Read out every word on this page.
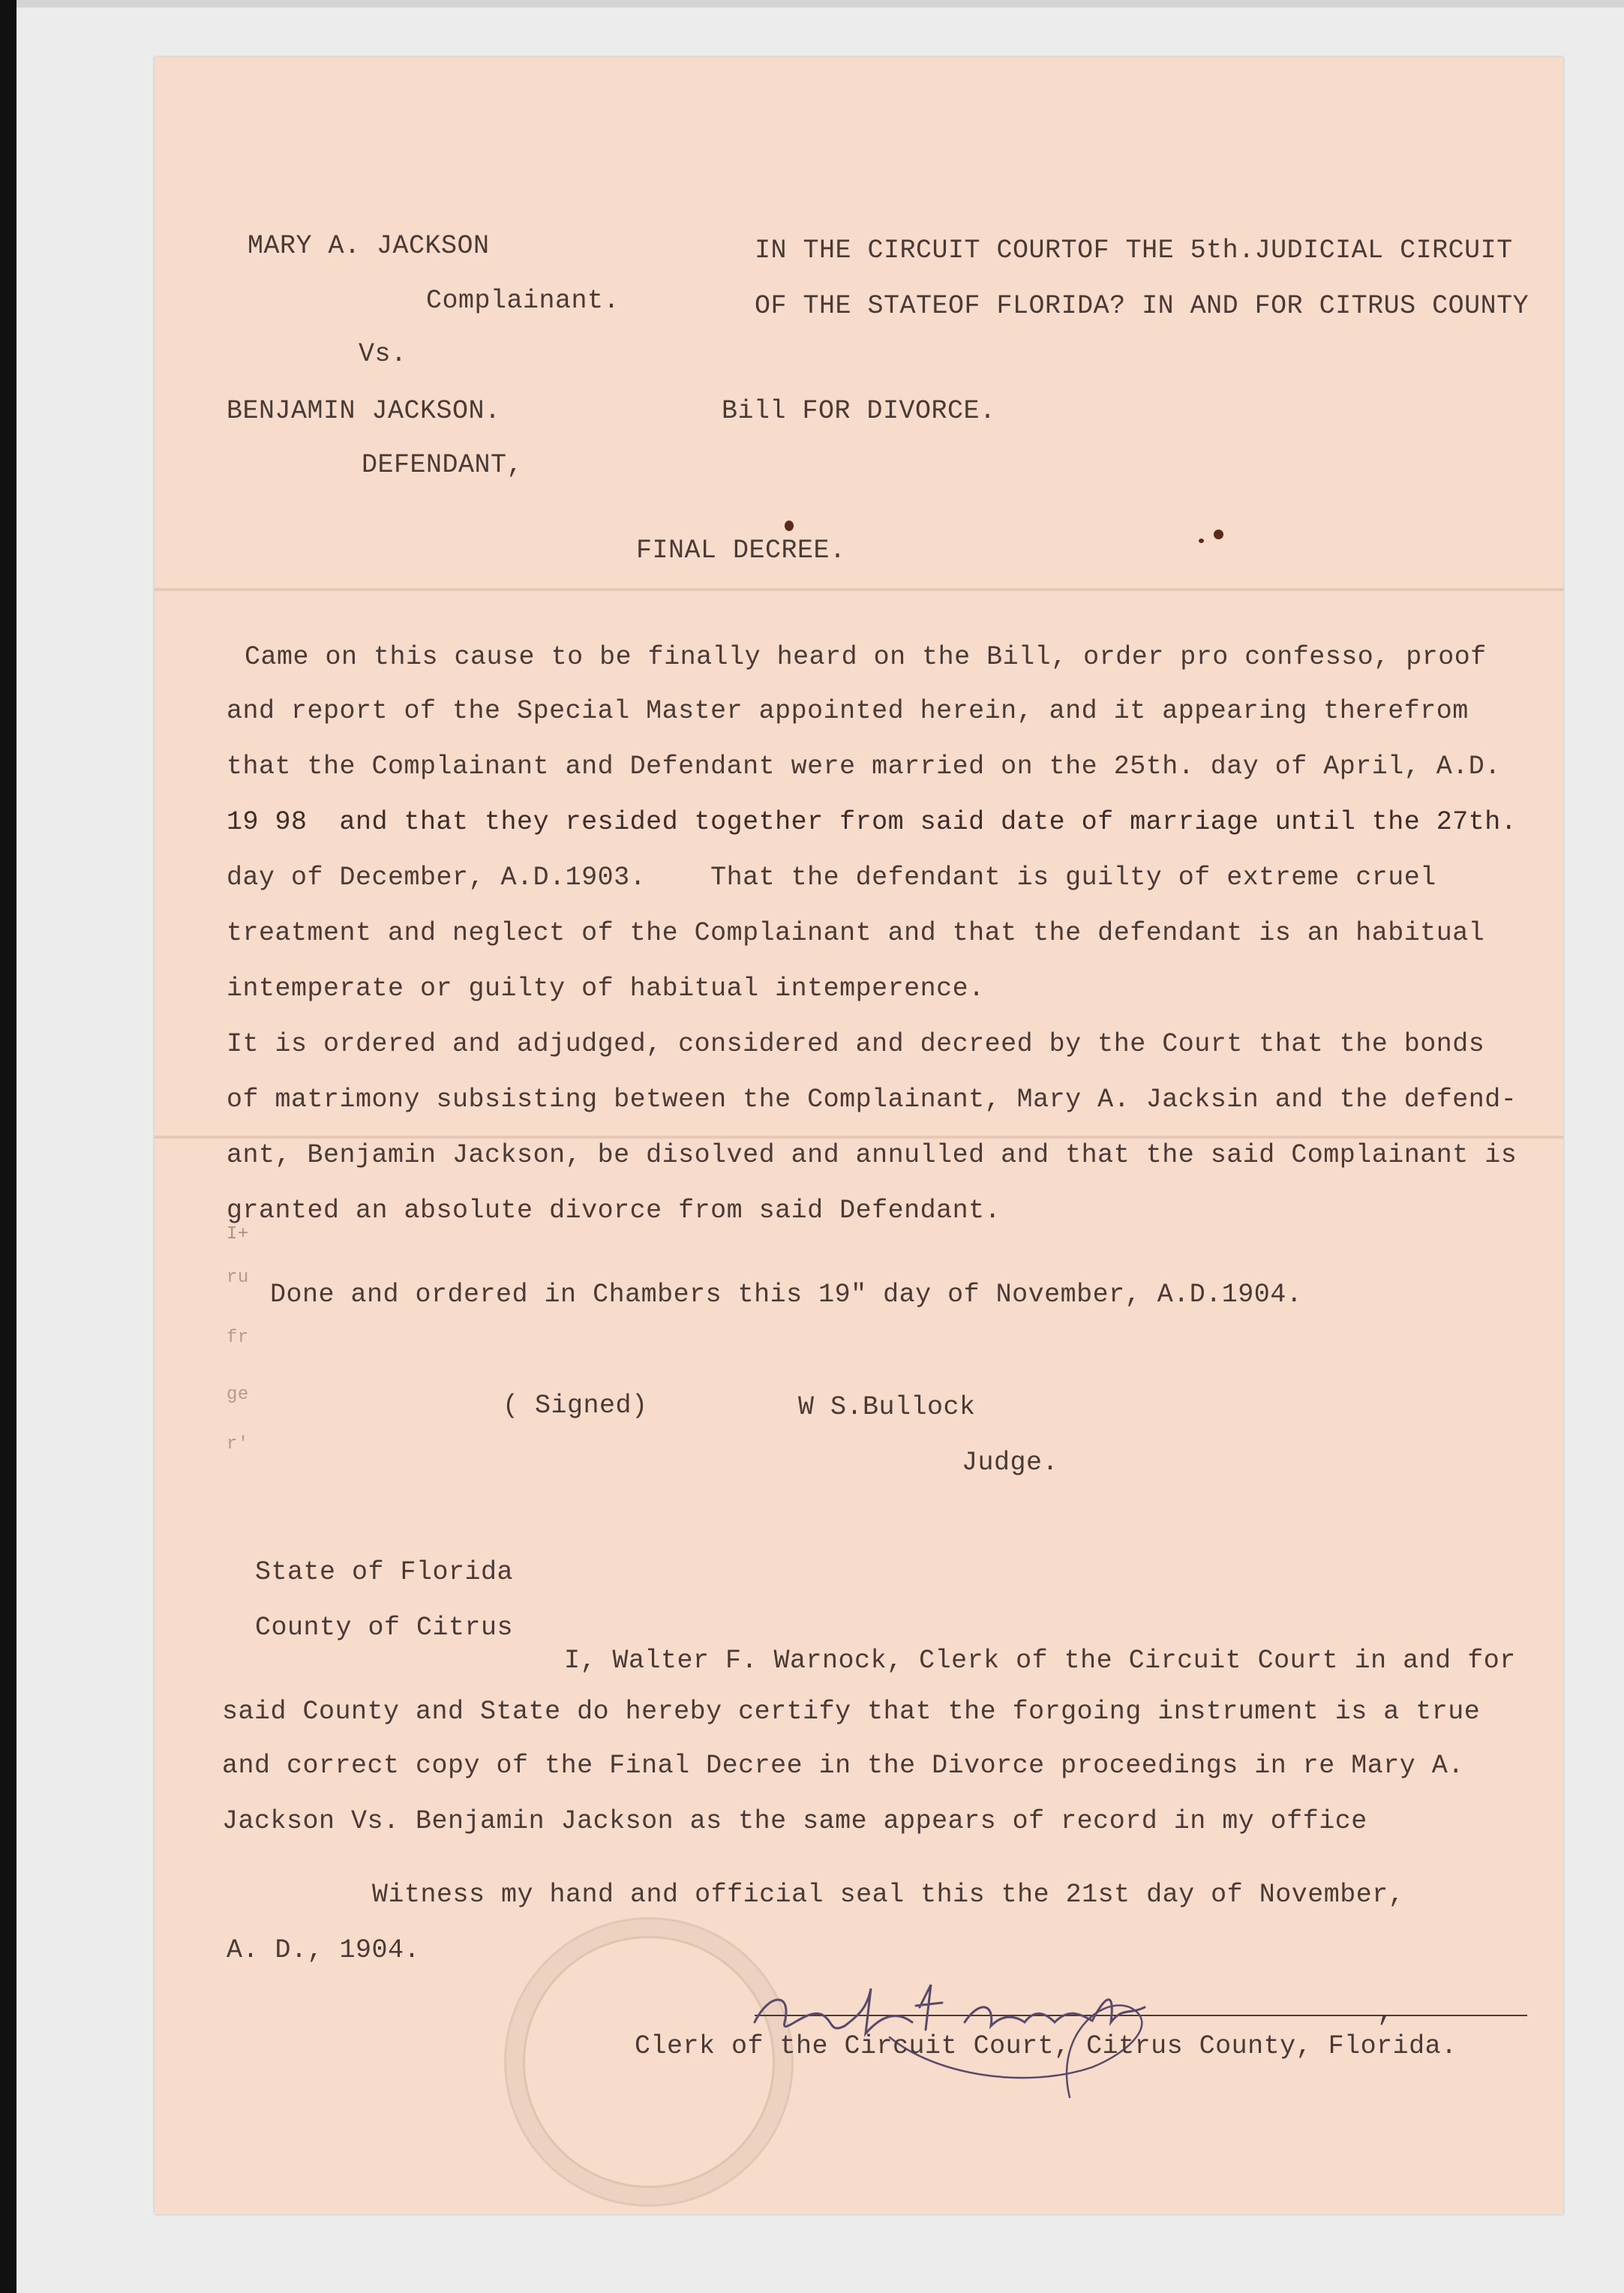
MARY A. JACKSON
Complainant.
Vs.
BENJAMIN JACKSON.
DEFENDANT,
IN THE CIRCUIT COURTOF THE 5th.JUDICIAL CIRCUIT
OF THE STATEOF FLORIDA? IN AND FOR CITRUS COUNTY
Bill FOR DIVORCE.
FINAL DECREE.
Came on this cause to be finally heard on the Bill, order pro confesso, proof
and report of the Special Master appointed herein, and it appearing therefrom
that the Complainant and Defendant were married on the 25th. day of April, A.D.
19 98  and that they resided together from said date of marriage until the 27th.
day of December, A.D.1903.    That the defendant is guilty of extreme cruel
treatment and neglect of the Complainant and that the defendant is an habitual
intemperate or guilty of habitual intemperence.
It is ordered and adjudged, considered and decreed by the Court that the bonds
of matrimony subsisting between the Complainant, Mary A. Jacksin and the defend-
ant, Benjamin Jackson, be disolved and annulled and that the said Complainant is
granted an absolute divorce from said Defendant.
I+
ru
fr
ge
r'
Done and ordered in Chambers this 19" day of November, A.D.1904.
( Signed)	W S.Bullock
Judge.
State of Florida
County of Citrus
I, Walter F. Warnock, Clerk of the Circuit Court in and for
said County and State do hereby certify that the forgoing instrument is a true
and correct copy of the Final Decree in the Divorce proceedings in re Mary A.
Jackson Vs. Benjamin Jackson as the same appears of record in my office
Witness my hand and official seal this the 21st day of November,
A. D., 1904.
,
Clerk of the Circuit Court, Citrus County, Florida.
